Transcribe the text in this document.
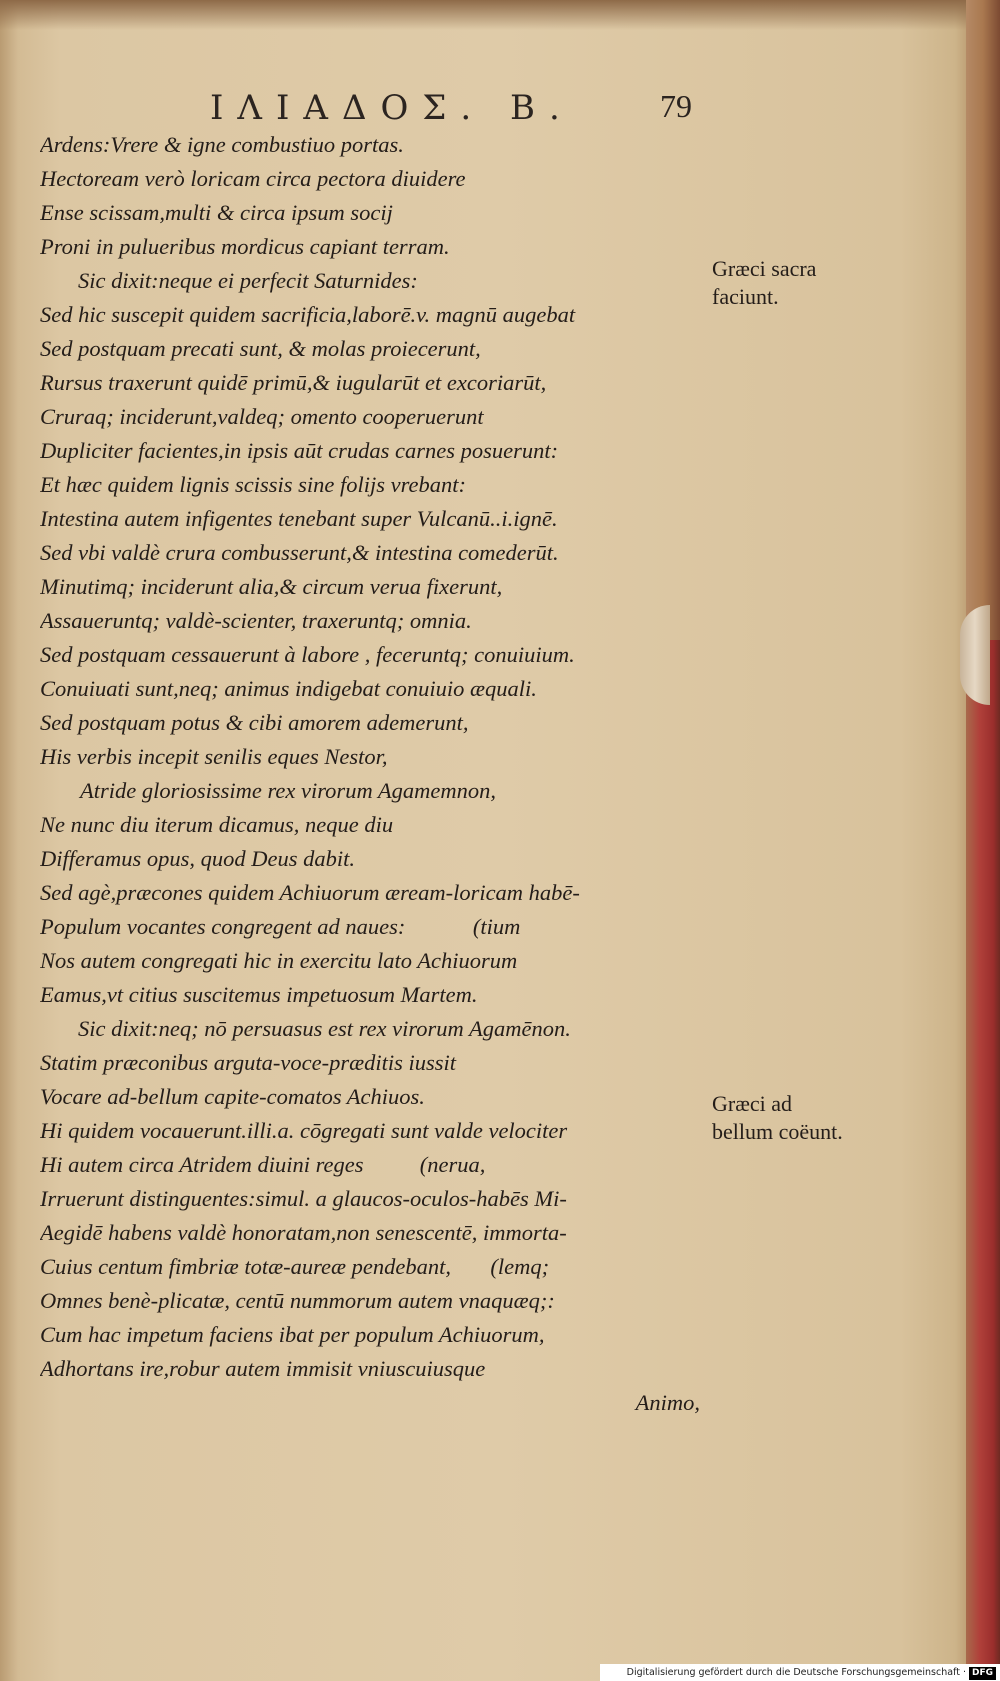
ΙΛΙΑΔΟΣ. Β.	79
Ardens:Vrere & igne combustiuo portas.
Hectoream verò loricam circa pectora diuidere
Ense scissam,multi & circa ipsum socij
Proni in pulueribus mordicus capiant terram.
Sic dixit:neque ei perfecit Saturnides:
Sed hic suscepit quidem sacrificia,laborē.v. magnū augebat
Sed postquam precati sunt, & molas proiecerunt,
Rursus traxerunt quidē primū,& iugularūt et excoriarūt,
Cruraq; inciderunt,valdeq; omento cooperuerunt
Dupliciter facientes,in ipsis aūt crudas carnes posuerunt:
Et hæc quidem lignis scissis sine folijs vrebant:
Intestina autem infigentes tenebant super Vulcanū..i.ignē.
Sed vbi valdè crura combusserunt,& intestina comederūt.
Minutimq; inciderunt alia,& circum verua fixerunt,
Assaueruntq; valdè-scienter, traxeruntq; omnia.
Sed postquam cessauerunt à labore , feceruntq; conuiuium.
Conuiuati sunt,neq; animus indigebat conuiuio æquali.
Sed postquam potus & cibi amorem ademerunt,
His verbis incepit senilis eques Nestor,
Atride gloriosissime rex virorum Agamemnon,
Ne nunc diu iterum dicamus, neque diu
Differamus opus, quod Deus dabit.
Sed agè,præcones quidem Achiuorum æream-loricam habē-
Populum vocantes congregent ad naues:            (tium
Nos autem congregati hic in exercitu lato Achiuorum
Eamus,vt citius suscitemus impetuosum Martem.
Sic dixit:neq; nō persuasus est rex virorum Agamēnon.
Statim præconibus arguta-voce-præditis iussit
Vocare ad-bellum capite-comatos Achiuos.
Hi quidem vocauerunt.illi.a. cōgregati sunt valde velociter
Hi autem circa Atridem diuini reges          (nerua,
Irruerunt distinguentes:simul. a glaucos-oculos-habēs Mi-
Aegidē habens valdè honoratam,non senescentē, immorta-
Cuius centum fimbriæ totæ-aureæ pendebant,       (lemq;
Omnes benè-plicatæ, centū nummorum autem vnaquæq;:
Cum hac impetum faciens ibat per populum Achiuorum,
Adhortans ire,robur autem immisit vniuscuiusque
Animo,
Græci sacra faciunt.
Græci ad bellum coëunt.
Digitalisierung gefördert durch die Deutsche Forschungsgemeinschaft · DFG
